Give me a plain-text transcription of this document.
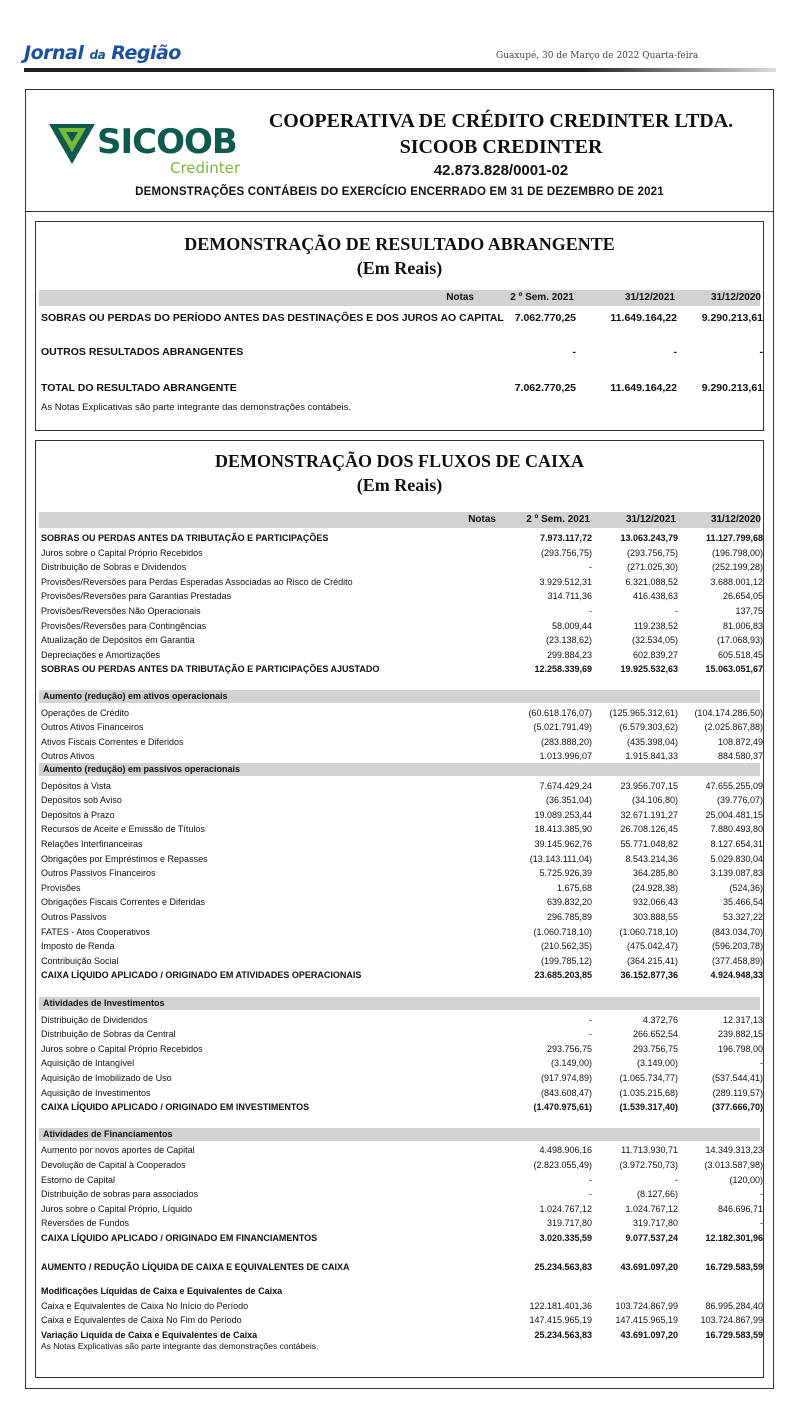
Jornal da Região	Guaxupé, 30 de Março de 2022 Quarta-feira
SICOOB
Credinter
COOPERATIVA DE CRÉDITO CREDINTER LTDA.
SICOOB CREDINTER
42.873.828/0001-02
DEMONSTRAÇÕES CONTÁBEIS DO EXERCÍCIO ENCERRADO EM 31 DE DEZEMBRO DE 2021
DEMONSTRAÇÃO DE RESULTADO ABRANGENTE
(Em Reais)
Notas	2 º Sem. 2021	31/12/2021	31/12/2020
SOBRAS OU PERDAS DO PERÍODO ANTES DAS DESTINAÇÕES E DOS JUROS AO CAPITAL 7.062.770,25	11.649.164,22 9.290.213,61
OUTROS RESULTADOS ABRANGENTES	-	-	-
TOTAL DO RESULTADO ABRANGENTE	7.062.770,25	11.649.164,22 9.290.213,61
As Notas Explicativas são parte integrante das demonstrações contábeis.
DEMONSTRAÇÃO DOS FLUXOS DE CAIXA
(Em Reais)
Notas	2 º Sem. 2021	31/12/2021	31/12/2020
SOBRAS OU PERDAS ANTES DA TRIBUTAÇÃO E PARTICIPAÇÕES	7.973.117,72	13.063.243,79	11.127.799,68
Juros sobre o Capital Próprio Recebidos	(293.756,75)	(293.756,75)	(196.798,00)
Distribuição de Sobras e Dividendos	-	(271.025,30)	(252.199,28)
Provisões/Reversões para Perdas Esperadas Associadas ao Risco de Crédito	3.929.512,31	6.321.088,52	3.688.001,12
Provisões/Reversões para Garantias Prestadas	314.711,36	416.438,63	26.654,05
Provisões/Reversões Não Operacionais	-	-	137,75
Provisões/Reversões para Contingências	58.009,44	119.238,52	81.006,83
Atualização de Depósitos em Garantia	(23.138,62)	(32.534,05)	(17.068,93)
Depreciações e Amortizações	299.884,23	602.839,27	605.518,45
SOBRAS OU PERDAS ANTES DA TRIBUTAÇÃO E PARTICIPAÇÕES AJUSTADO	12.258.339,69	19.925.532,63	15.063.051,67
Aumento (redução) em ativos operacionais
Operações de Crédito	(60.618.176,07) (125.965.312,61) (104.174.286,50)
Outros Ativos Financeiros	(5.021.791,49)	(6.579.303,62)	(2.025.867,88)
Ativos Fiscais Correntes e Diferidos	(283.888,20)	(435.398,04)	108.872,49
Outros Ativos	1.013.996,07	1.915.841,33	884.580,37
Aumento (redução) em passivos operacionais
Depósitos à Vista	7.674.429,24	23.956.707,15	47.655.255,09
Depósitos sob Aviso	(36.351,04)	(34.106,80)	(39.776,07)
Depósitos à Prazo	19.089.253,44	32.671.191,27	25.004.481,15
Recursos de Aceite e Emissão de Títulos	18.413.385,90	26.708.126,45	7.880.493,80
Relações Interfinanceiras	39.145.962,76	55.771.048,82	8.127.654,31
Obrigações por Empréstimos e Repasses	(13.143.111,04)	8.543.214,36	5.029.830,04
Outros Passivos Financeiros	5.725.926,39	364.285,80	3.139.087,83
Provisões	1.675,68	(24.928,38)	(524,36)
Obrigações Fiscais Correntes e Diferidas	639.832,20	932.066,43	35.466,54
Outros Passivos	296.785,89	303.888,55	53.327,22
FATES - Atos Cooperativos	(1.060.718,10)	(1.060.718,10)	(843.034,70)
Imposto de Renda	(210.562,35)	(475.042,47)	(596.203,78)
Contribuição Social	(199.785,12)	(364.215,41)	(377.458,89)
CAIXA LÍQUIDO APLICADO / ORIGINADO EM ATIVIDADES OPERACIONAIS	23.685.203,85	36.152.877,36	4.924.948,33
Atividades de Investimentos
Distribuição de Dividendos	-	4.372,76	12.317,13
Distribuição de Sobras da Central	-	266.652,54	239.882,15
Juros sobre o Capital Próprio Recebidos	293.756,75	293.756,75	196.798,00
Aquisição de Intangível	(3.149,00)	(3.149,00)	-
Aquisição de Imobilizado de Uso	(917.974,89)	(1.065.734,77)	(537.544,41)
Aquisição de Investimentos	(843.608,47)	(1.035.215,68)	(289.119,57)
CAIXA LÍQUIDO APLICADO / ORIGINADO EM INVESTIMENTOS	(1.470.975,61)	(1.539.317,40)	(377.666,70)
Atividades de Financiamentos
Aumento por novos aportes de Capital	4.498.906,16	11.713.930,71	14.349.313,23
Devolução de Capital à Cooperados	(2.823.055,49)	(3.972.750,73)	(3.013.587,98)
Estorno de Capital	-	-	(120,00)
Distribuição de sobras para associados	-	(8.127,66)	-
Juros sobre o Capital Próprio, Líquido	1.024.767,12	1.024.767,12	846.696,71
Reversões de Fundos	319.717,80	319.717,80	-
CAIXA LÍQUIDO APLICADO / ORIGINADO EM FINANCIAMENTOS	3.020.335,59	9.077.537,24	12.182.301,96
AUMENTO / REDUÇÃO LÍQUIDA DE CAIXA E EQUIVALENTES DE CAIXA	25.234.563,83	43.691.097,20	16.729.583,59
Modificações Líquidas de Caixa e Equivalentes de Caixa
Caixa e Equivalentes de Caixa No Início do Período	122.181.401,36	103.724.867,99	86.995.284,40
Caixa e Equivalentes de Caixa No Fim do Período	147.415.965,19	147.415.965,19 103.724.867,99
Variação Líquida de Caixa e Equivalentes de Caixa	25.234.563,83	43.691.097,20	16.729.583,59
As Notas Explicativas são parte integrante das demonstrações contábeis.
